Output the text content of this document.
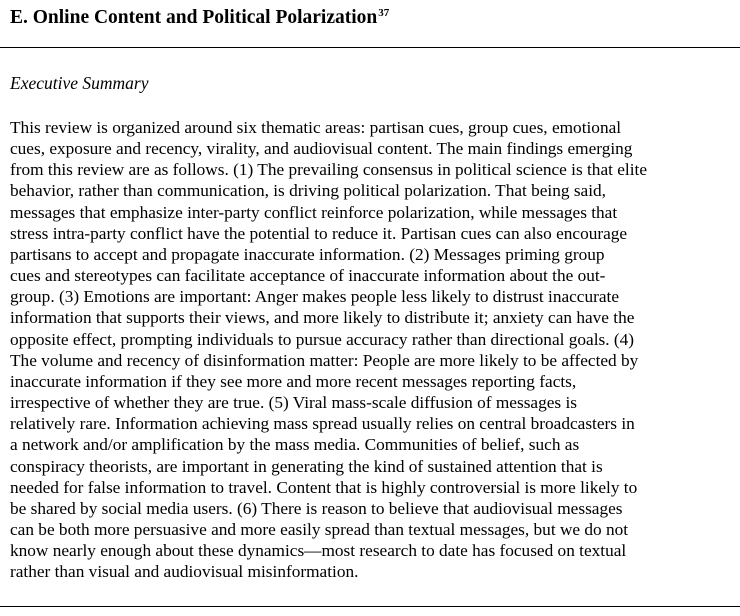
E. Online Content and Political Polarization$^{37}$
Executive Summary
This review is organized around six thematic areas: partisan cues, group cues, emotional
cues, exposure and recency, virality, and audiovisual content. The main findings emerging
from this review are as follows. (1) The prevailing consensus in political science is that elite
behavior, rather than communication, is driving political polarization. That being said,
messages that emphasize inter-party conflict reinforce polarization, while messages that
stress intra-party conflict have the potential to reduce it. Partisan cues can also encourage
partisans to accept and propagate inaccurate information. (2) Messages priming group
cues and stereotypes can facilitate acceptance of inaccurate information about the out-
group. (3) Emotions are important: Anger makes people less likely to distrust inaccurate
information that supports their views, and more likely to distribute it; anxiety can have the
opposite effect, prompting individuals to pursue accuracy rather than directional goals. (4)
The volume and recency of disinformation matter: People are more likely to be affected by
inaccurate information if they see more and more recent messages reporting facts,
irrespective of whether they are true. (5) Viral mass-scale diffusion of messages is
relatively rare. Information achieving mass spread usually relies on central broadcasters in
a network and/or amplification by the mass media. Communities of belief, such as
conspiracy theorists, are important in generating the kind of sustained attention that is
needed for false information to travel. Content that is highly controversial is more likely to
be shared by social media users. (6) There is reason to believe that audiovisual messages
can be both more persuasive and more easily spread than textual messages, but we do not
know nearly enough about these dynamics—most research to date has focused on textual
rather than visual and audiovisual misinformation.
